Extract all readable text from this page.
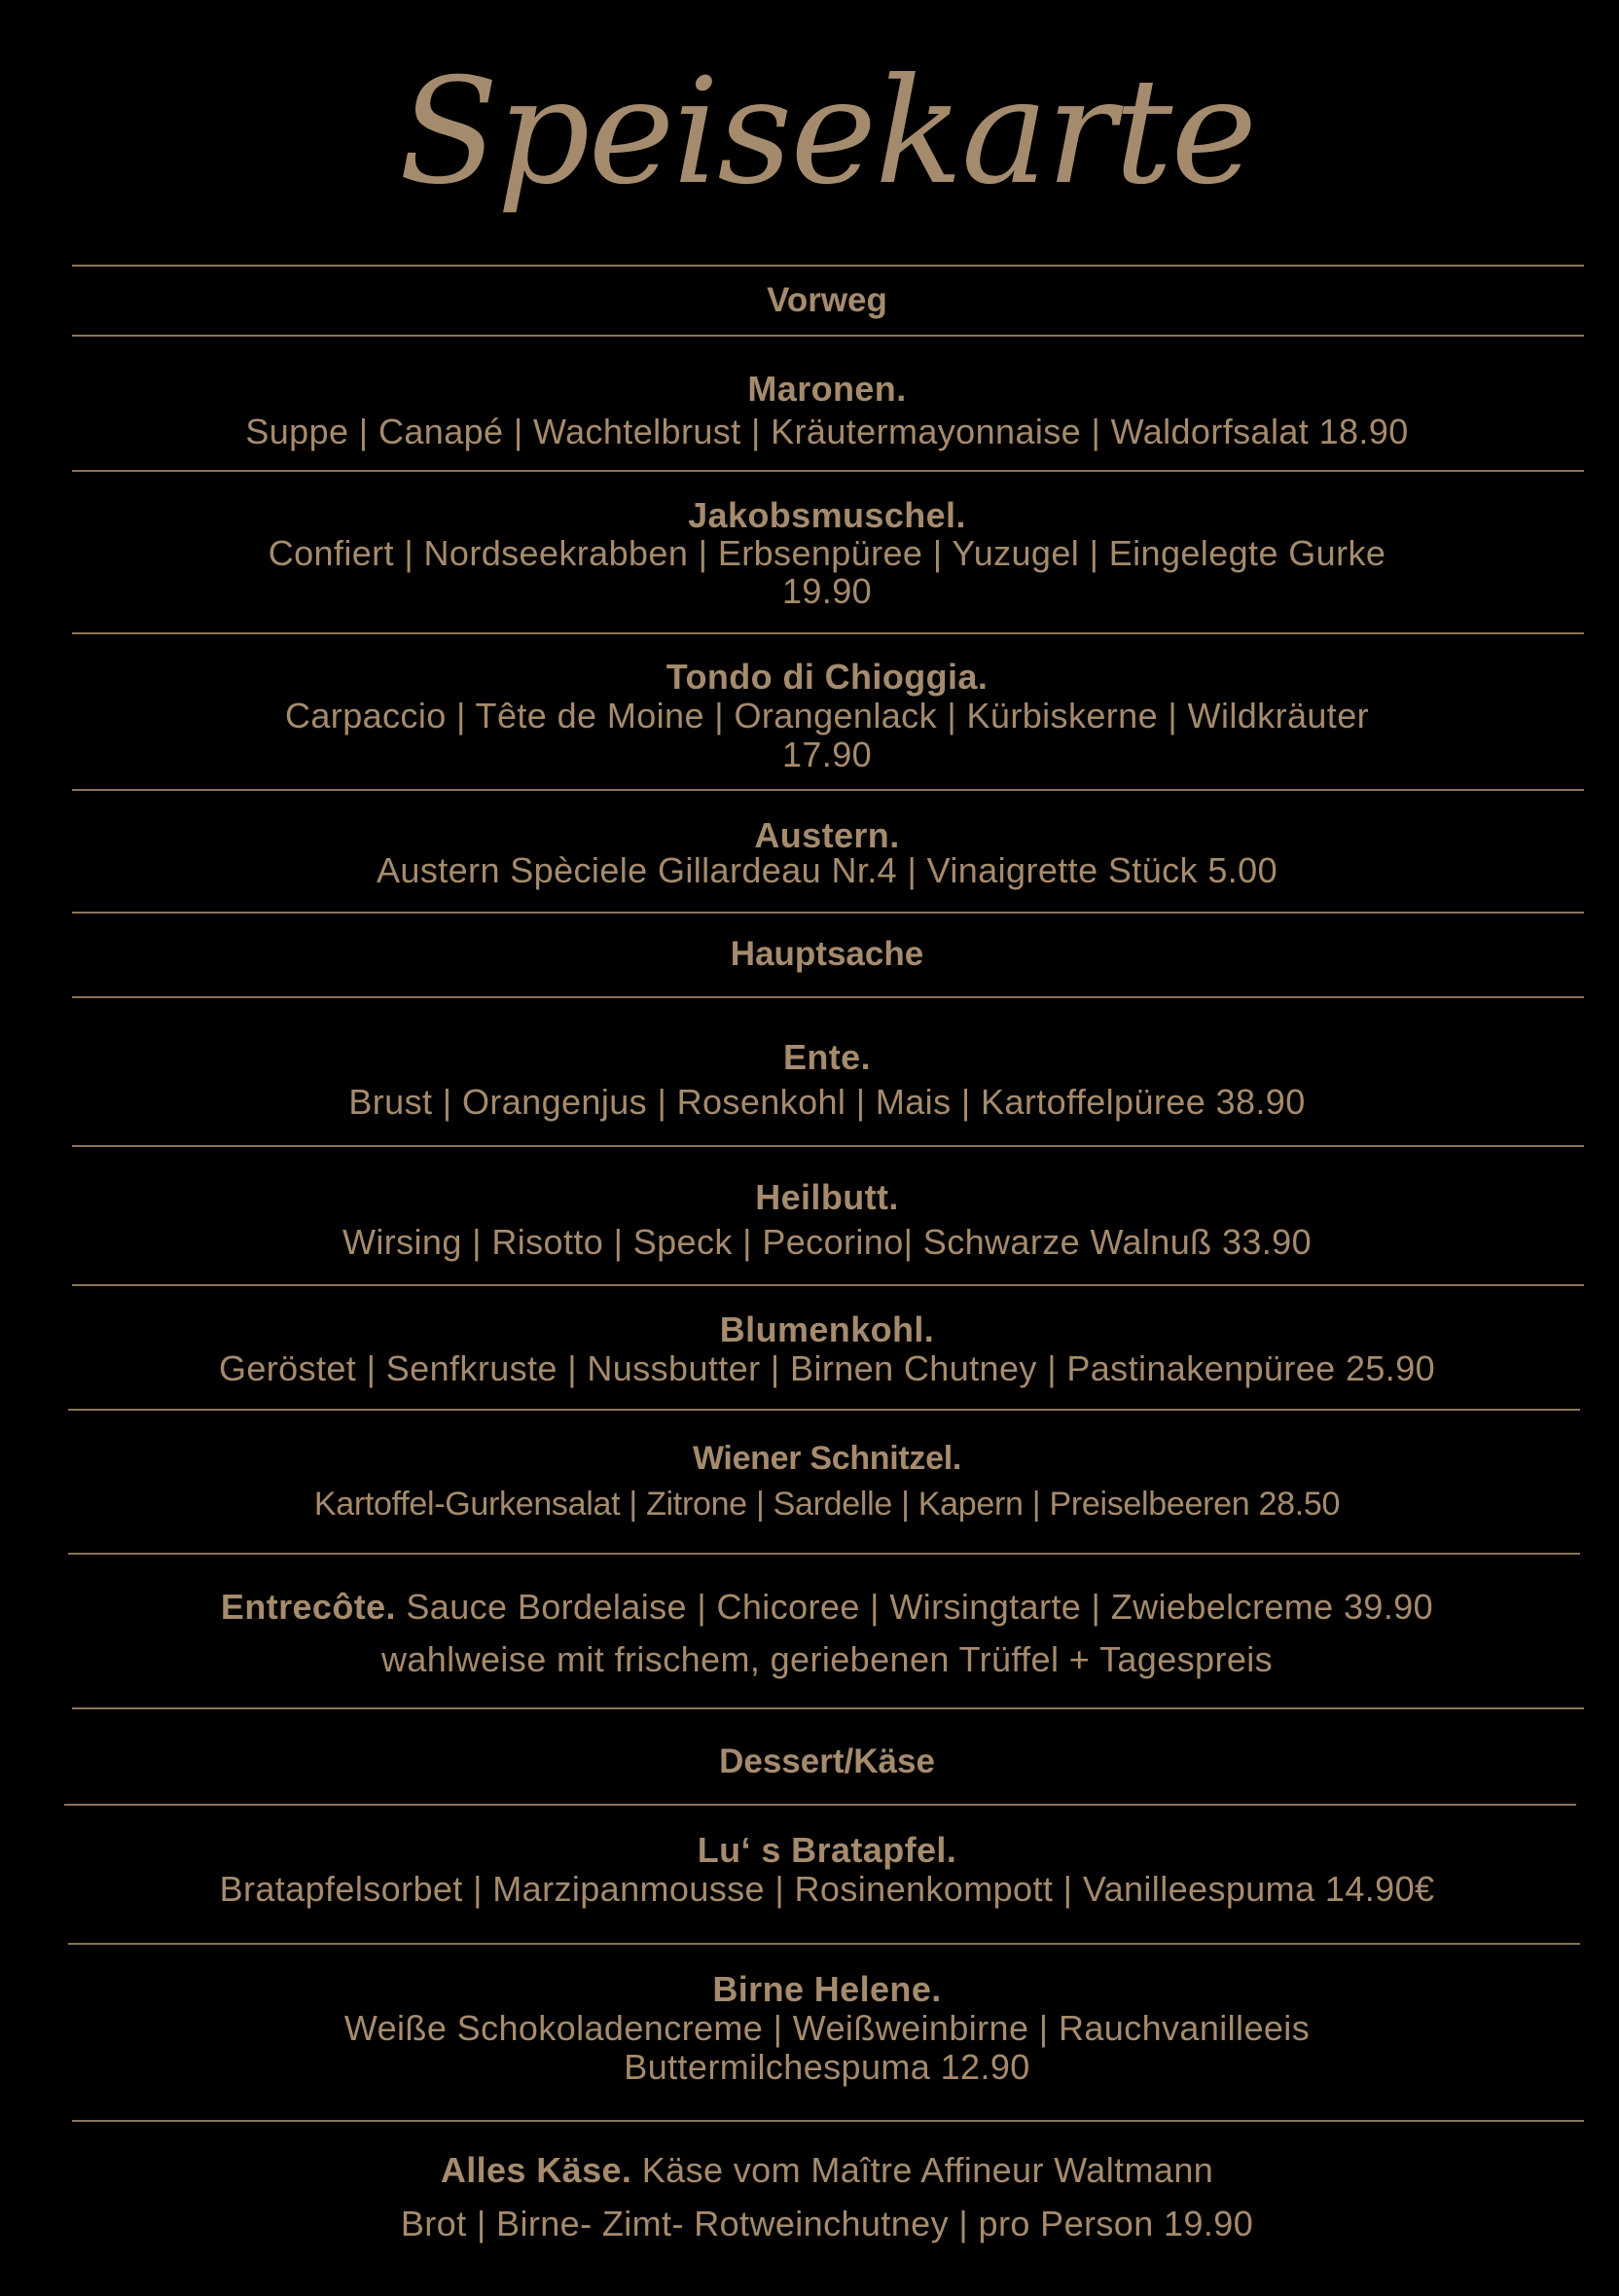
Speisekarte
Vorweg
Hauptsache
Dessert/Käse
Maronen.
Suppe | Canapé | Wachtelbrust | Kräutermayonnaise | Waldorfsalat 18.90
Jakobsmuschel.
Confiert | Nordseekrabben | Erbsenpüree | Yuzugel | Eingelegte Gurke
19.90
Tondo di Chioggia.
Carpaccio | Tête de Moine | Orangenlack | Kürbiskerne | Wildkräuter
17.90
Austern.
Austern Spèciele Gillardeau Nr.4 | Vinaigrette Stück 5.00
Ente.
Brust | Orangenjus | Rosenkohl | Mais | Kartoffelpüree 38.90
Heilbutt.
Wirsing | Risotto | Speck | Pecorino| Schwarze Walnuß 33.90
Blumenkohl.
Geröstet | Senfkruste | Nussbutter | Birnen Chutney | Pastinakenpüree 25.90
Wiener Schnitzel.
Kartoffel-Gurkensalat | Zitrone | Sardelle | Kapern | Preiselbeeren 28.50
Entrecôte. Sauce Bordelaise | Chicoree | Wirsingtarte | Zwiebelcreme 39.90
wahlweise mit frischem, geriebenen Trüffel + Tagespreis
Lu‘ s Bratapfel.
Bratapfelsorbet | Marzipanmousse | Rosinenkompott | Vanilleespuma 14.90€
Birne Helene.
Weiße Schokoladencreme | Weißweinbirne | Rauchvanilleeis
Buttermilchespuma 12.90
Alles Käse. Käse vom Maître Affineur Waltmann
Brot | Birne- Zimt- Rotweinchutney | pro Person 19.90
